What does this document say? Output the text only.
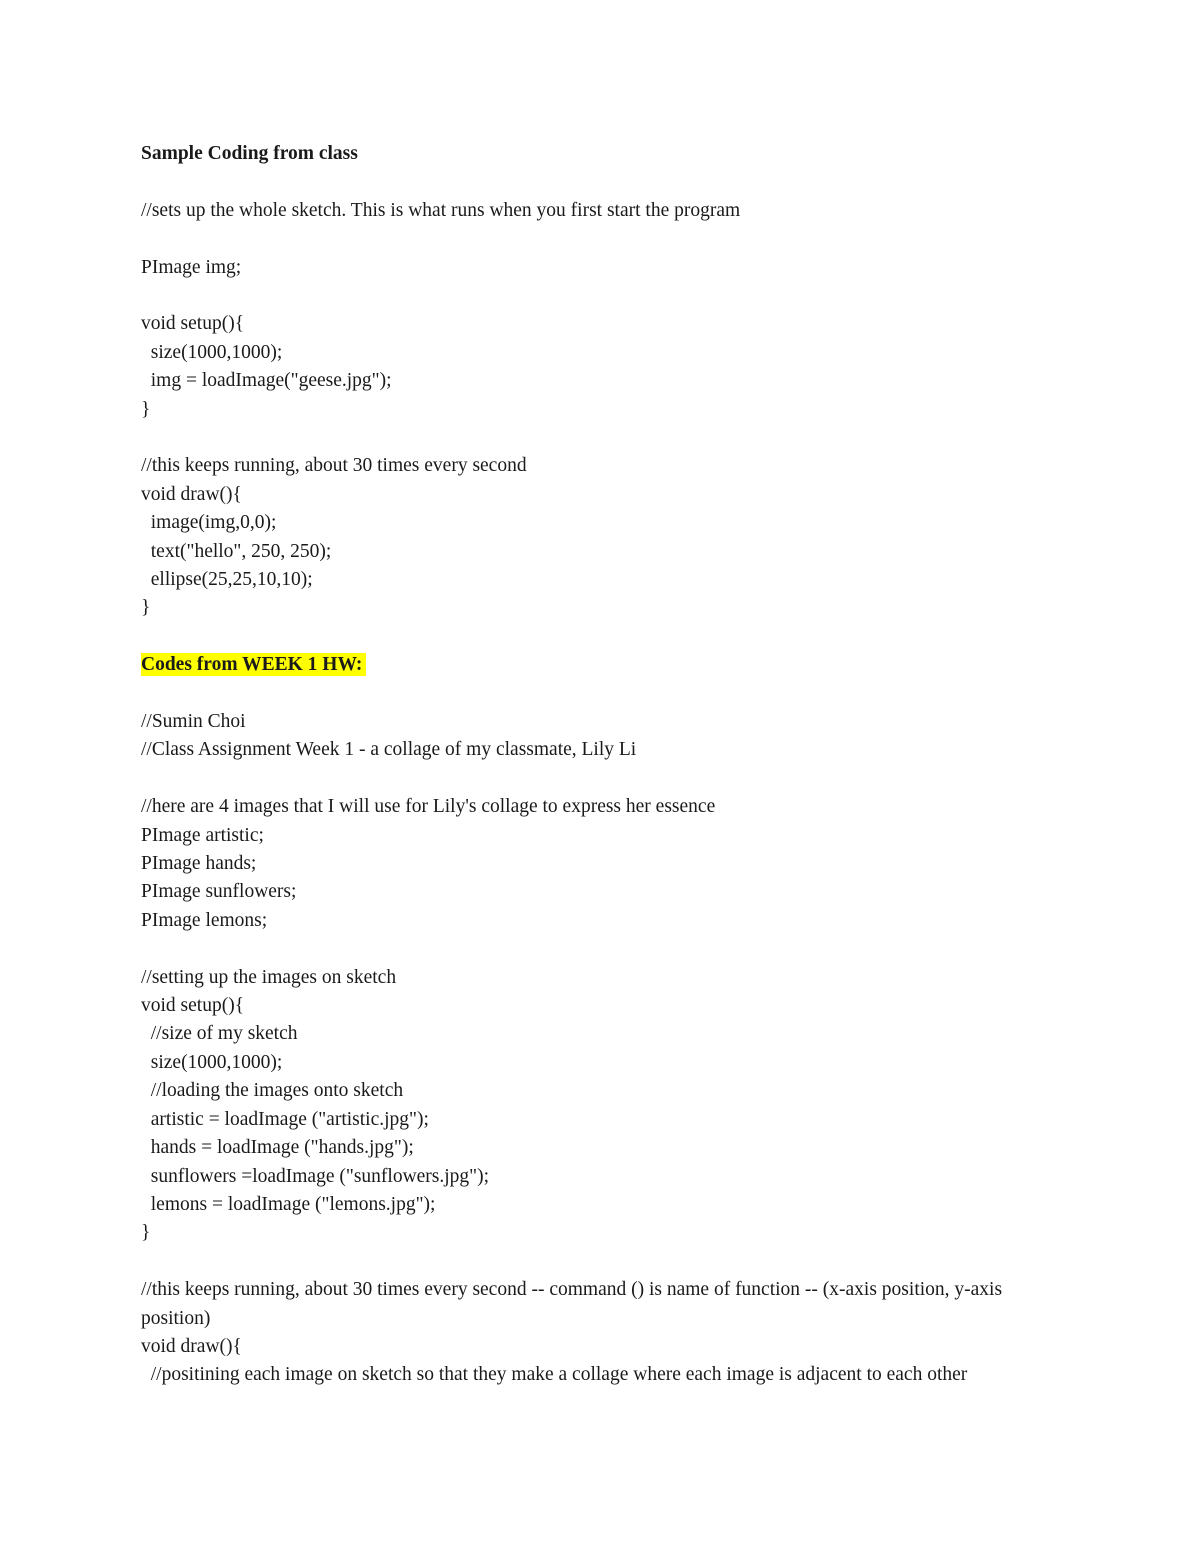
Sample Coding from class

//sets up the whole sketch. This is what runs when you first start the program

PImage img;

void setup(){

size(1000,1000);

img = loadImage("geese.jpg");

}

//this keeps running, about 30 times every second

void draw(){

image(img,0,0);

text("hello", 250, 250);

ellipse(25,25,10,10);

}

Codes from WEEK 1 HW:

//Sumin Choi

//Class Assignment Week 1 - a collage of my classmate, Lily Li

//here are 4 images that I will use for Lily's collage to express her essence

PImage artistic;

PImage hands;

PImage sunflowers;

PImage lemons;

//setting up the images on sketch

void setup(){

//size of my sketch

size(1000,1000);

//loading the images onto sketch

artistic = loadImage ("artistic.jpg");

hands = loadImage ("hands.jpg");

sunflowers =loadImage ("sunflowers.jpg");

lemons = loadImage ("lemons.jpg");

}

//this keeps running, about 30 times every second -- command () is name of function -- (x-axis position, y-axis position)

void draw(){

//positining each image on sketch so that they make a collage where each image is adjacent to each other
